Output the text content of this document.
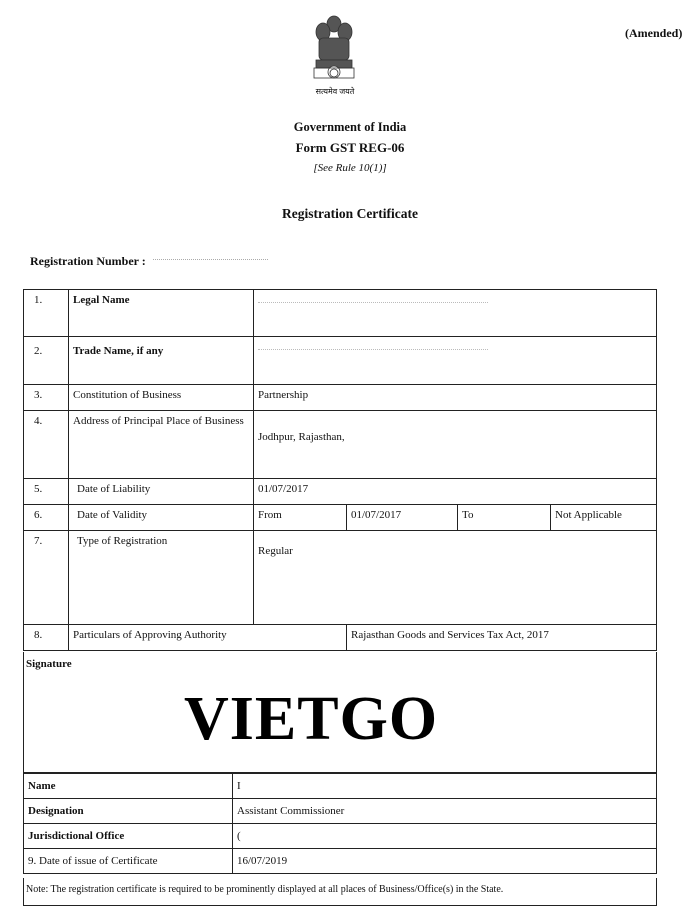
सत्यमेव जयते
(Amended)
Government of India
Form GST REG-06
[See Rule 10(1)]
Registration Certificate
Registration Number :
1.	Legal Name				

2.	Trade Name, if any				

3.	Constitution of Business	Partnership			
4.	Address of Principal Place of Business	Jodhpur, Rajasthan,			
5.	Date of Liability	01/07/2017			
6.	Date of Validity	From	01/07/2017	To	Not Applicable
7.	Type of Registration	Regular			
8.	Particulars of Approving Authority		Rajasthan Goods and Services Tax Act, 2017		
Signature
VIETGO
Name	I
Designation	Assistant Commissioner
Jurisdictional Office	(
9. Date of issue of Certificate	16/07/2019
Note: The registration certificate is required to be prominently displayed at all places of Business/Office(s) in the State.
